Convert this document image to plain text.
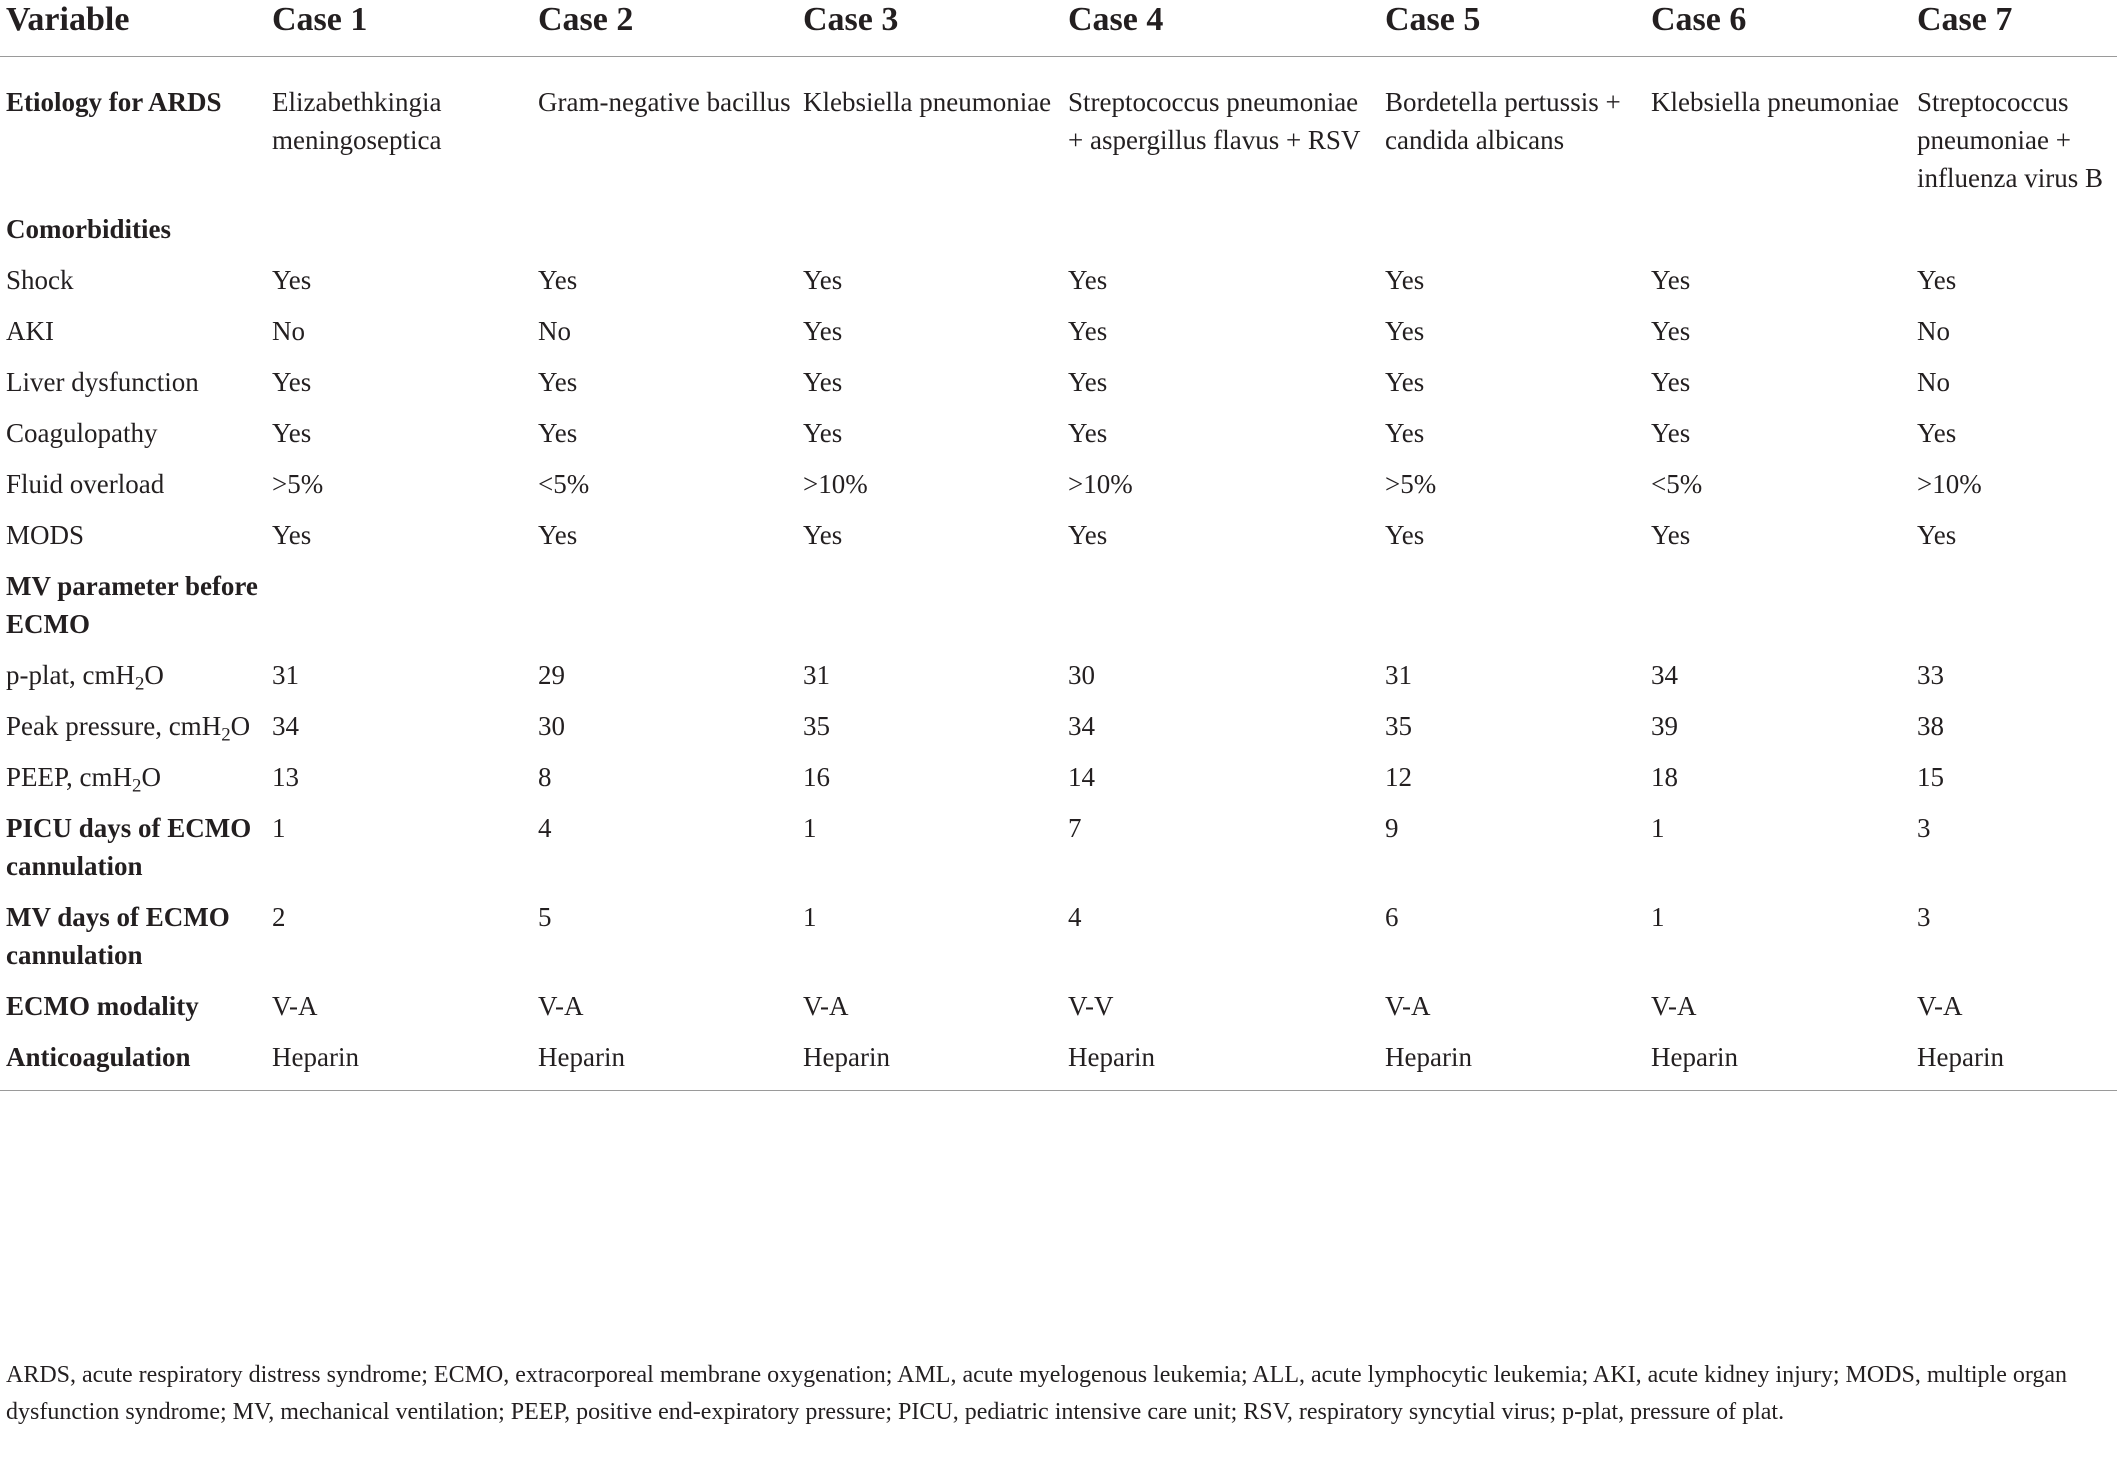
Variable	Case 1	Case 2	Case 3	Case 4	Case 5	Case 6	Case 7
Etiology for ARDS	Elizabethkingia meningoseptica	Gram-negative bacillus	Klebsiella pneumoniae	Streptococcus pneumoniae + aspergillus flavus + RSV	Bordetella pertussis + candida albicans	Klebsiella pneumoniae	Streptococcus pneumoniae + influenza virus B
Comorbidities							
Shock	Yes	Yes	Yes	Yes	Yes	Yes	Yes
AKI	No	No	Yes	Yes	Yes	Yes	No
Liver dysfunction	Yes	Yes	Yes	Yes	Yes	Yes	No
Coagulopathy	Yes	Yes	Yes	Yes	Yes	Yes	Yes
Fluid overload	>5%	<5%	>10%	>10%	>5%	<5%	>10%
MODS	Yes	Yes	Yes	Yes	Yes	Yes	Yes
MV parameter before ECMO							
p-plat, cmH$_2$O	31	29	31	30	31	34	33
Peak pressure, cmH$_2$O	34	30	35	34	35	39	38
PEEP, cmH$_2$O	13	8	16	14	12	18	15
PICU days of ECMO cannulation	1	4	1	7	9	1	3
MV days of ECMO cannulation	2	5	1	4	6	1	3
ECMO modality	V-A	V-A	V-A	V-V	V-A	V-A	V-A
Anticoagulation	Heparin	Heparin	Heparin	Heparin	Heparin	Heparin	Heparin
ARDS, acute respiratory distress syndrome; ECMO, extracorporeal membrane oxygenation; AML, acute myelogenous leukemia; ALL, acute lymphocytic leukemia; AKI, acute kidney injury; MODS, multiple organ dysfunction syndrome; MV, mechanical ventilation; PEEP, positive end-expiratory pressure; PICU, pediatric intensive care unit; RSV, respiratory syncytial virus; p-plat, pressure of plat.
